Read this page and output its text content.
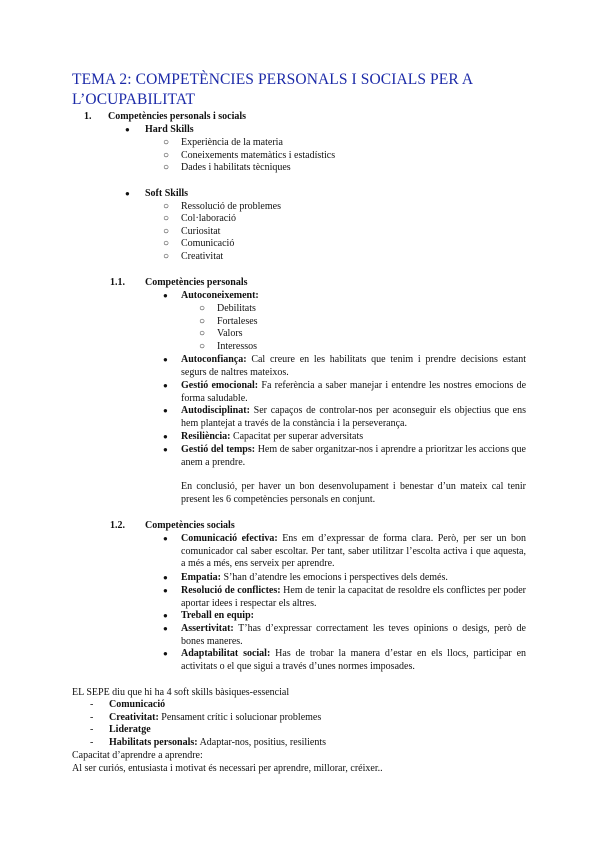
TEMA 2: COMPETÈNCIES PERSONALS I SOCIALS PER A
L’OCUPABILITAT
1. Competències personals i socials
● Hard Skills
○ Experiència de la materia
○ Coneixements matemàtics i estadístics
○ Dades i habilitats tècniques
● Soft Skills
○ Ressolució de problemes
○ Col·laboració
○ Curiositat
○ Comunicació
○ Creativitat
1.1. Competències personals
● Autoconeixement:
○ Debilitats
○ Fortaleses
○ Valors
○ Interessos
● Autoconfiança: Cal creure en les habilitats que tenim i prendre decisions estant segurs de naltres mateixos.
● Gestió emocional: Fa referència a saber manejar i entendre les nostres emocions de forma saludable.
● Autodisciplinat: Ser capaços de controlar-nos per aconseguir els objectius que ens hem plantejat a través de la constància i la perseverança.
● Resiliència: Capacitat per superar adversitats
● Gestió del temps: Hem de saber organitzar-nos i aprendre a prioritzar les accions que anem a prendre.
En conclusió, per haver un bon desenvolupament i benestar d’un mateix cal tenir present les 6 competències personals en conjunt.
1.2. Competències socials
● Comunicació efectiva: Ens em d’expressar de forma clara. Però, per ser un bon comunicador cal saber escoltar. Per tant, saber utilitzar l’escolta activa i que aquesta, a més a més, ens serveix per aprendre.
● Empatia: S’han d’atendre les emocions i perspectives dels demés.
● Resolució de conflictes: Hem de tenir la capacitat de resoldre els conflictes per poder aportar idees i respectar els altres.
● Treball en equip:
● Assertivitat: T’has d’expressar correctament les teves opinions o desigs, però de bones maneres.
● Adaptabilitat social: Has de trobar la manera d’estar en els llocs, participar en activitats o el que sigui a través d’unes normes imposades.
EL SEPE diu que hi ha 4 soft skills bàsiques-essencial
- Comunicació
- Creativitat: Pensament crític i solucionar problemes
- Lideratge
- Habilitats personals: Adaptar-nos, positius, resilients
Capacitat d’aprendre a aprendre:
Al ser curiós, entusiasta i motivat és necessari per aprendre, millorar, créixer..
